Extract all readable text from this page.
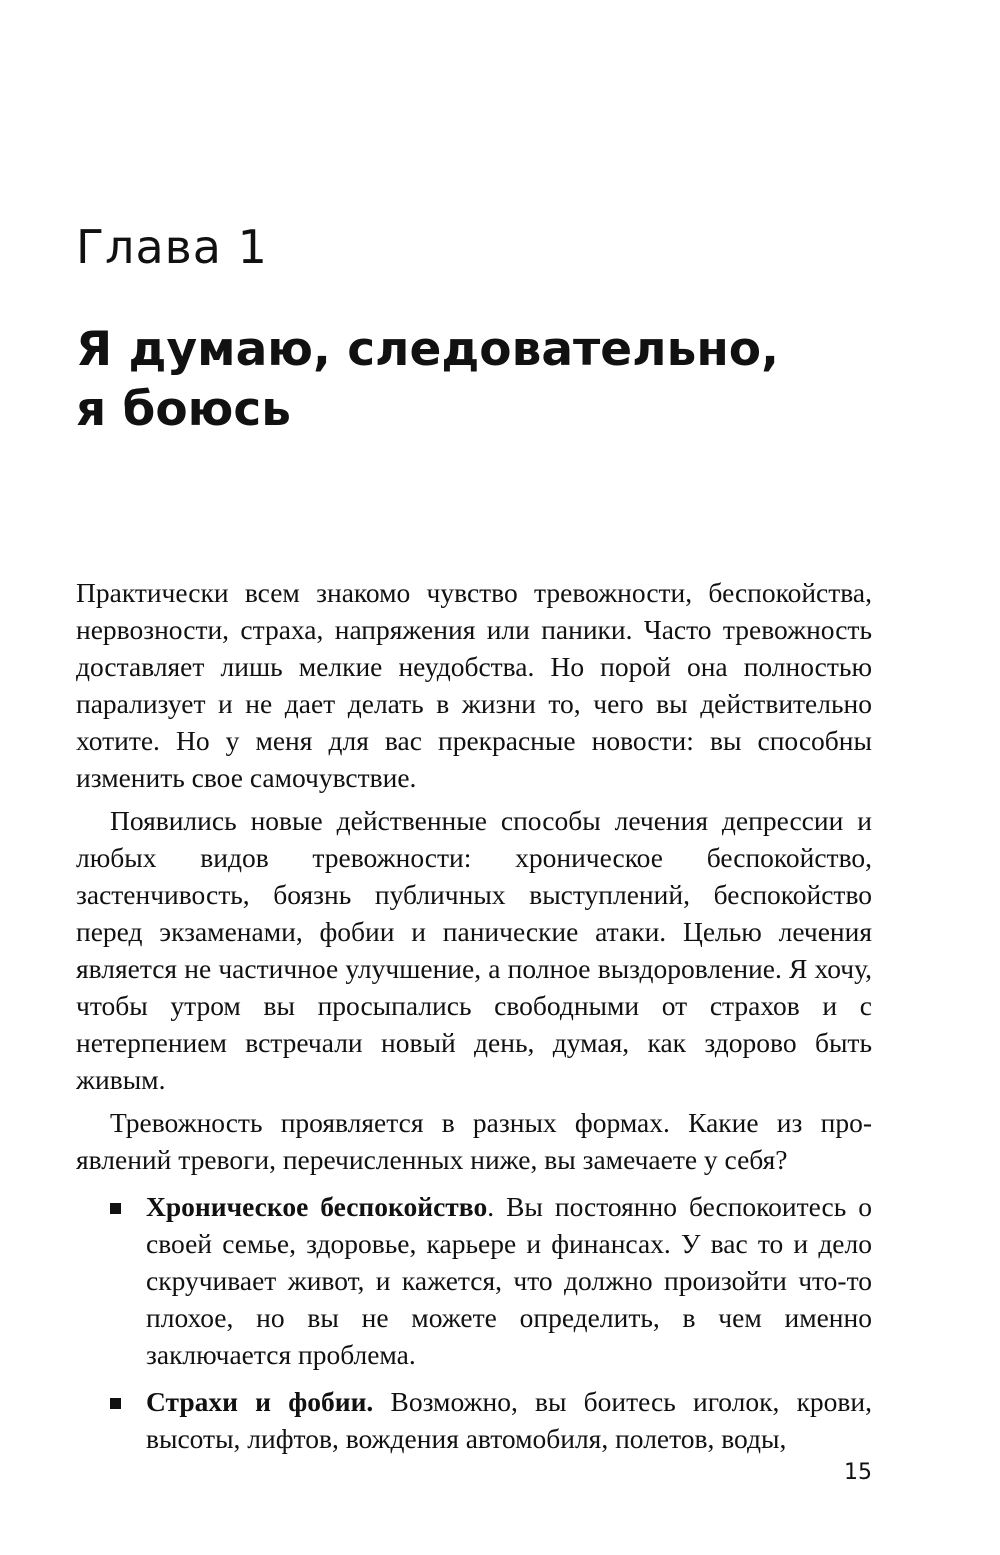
Глава 1
Я думаю, следовательно,
я боюсь

Практически всем знакомо чувство тревожности, беспокойства, нервозности, страха, напряжения или паники. Часто тревожность доставляет лишь мелкие неудобства. Но порой она полностью парализует и не дает делать в жизни то, чего вы действительно хотите. Но у меня для вас прекрасные новости: вы способны изменить свое самочувствие.

Появились новые действенные способы лечения депрессии и любых видов тревожности: хроническое беспокойство, застенчивость, боязнь публичных выступлений, беспокойство перед экзаменами, фобии и панические атаки. Целью лечения является не частичное улучшение, а полное выздоровление. Я хочу, чтобы утром вы просыпались свободными от страхов и с нетерпением встречали новый день, думая, как здорово быть живым.

Тревожность проявляется в разных формах. Какие из проявлений тревоги, перечисленных ниже, вы замечаете у себя?

Хроническое беспокойство. Вы постоянно беспокоитесь о своей семье, здоровье, карьере и финансах. У вас то и дело скручивает живот, и кажется, что должно произойти что-то плохое, но вы не можете определить, в чем именно заключается проблема.
Страхи и фобии. Возможно, вы боитесь иголок, крови, высоты, лифтов, вождения автомобиля, полетов, воды,
15
